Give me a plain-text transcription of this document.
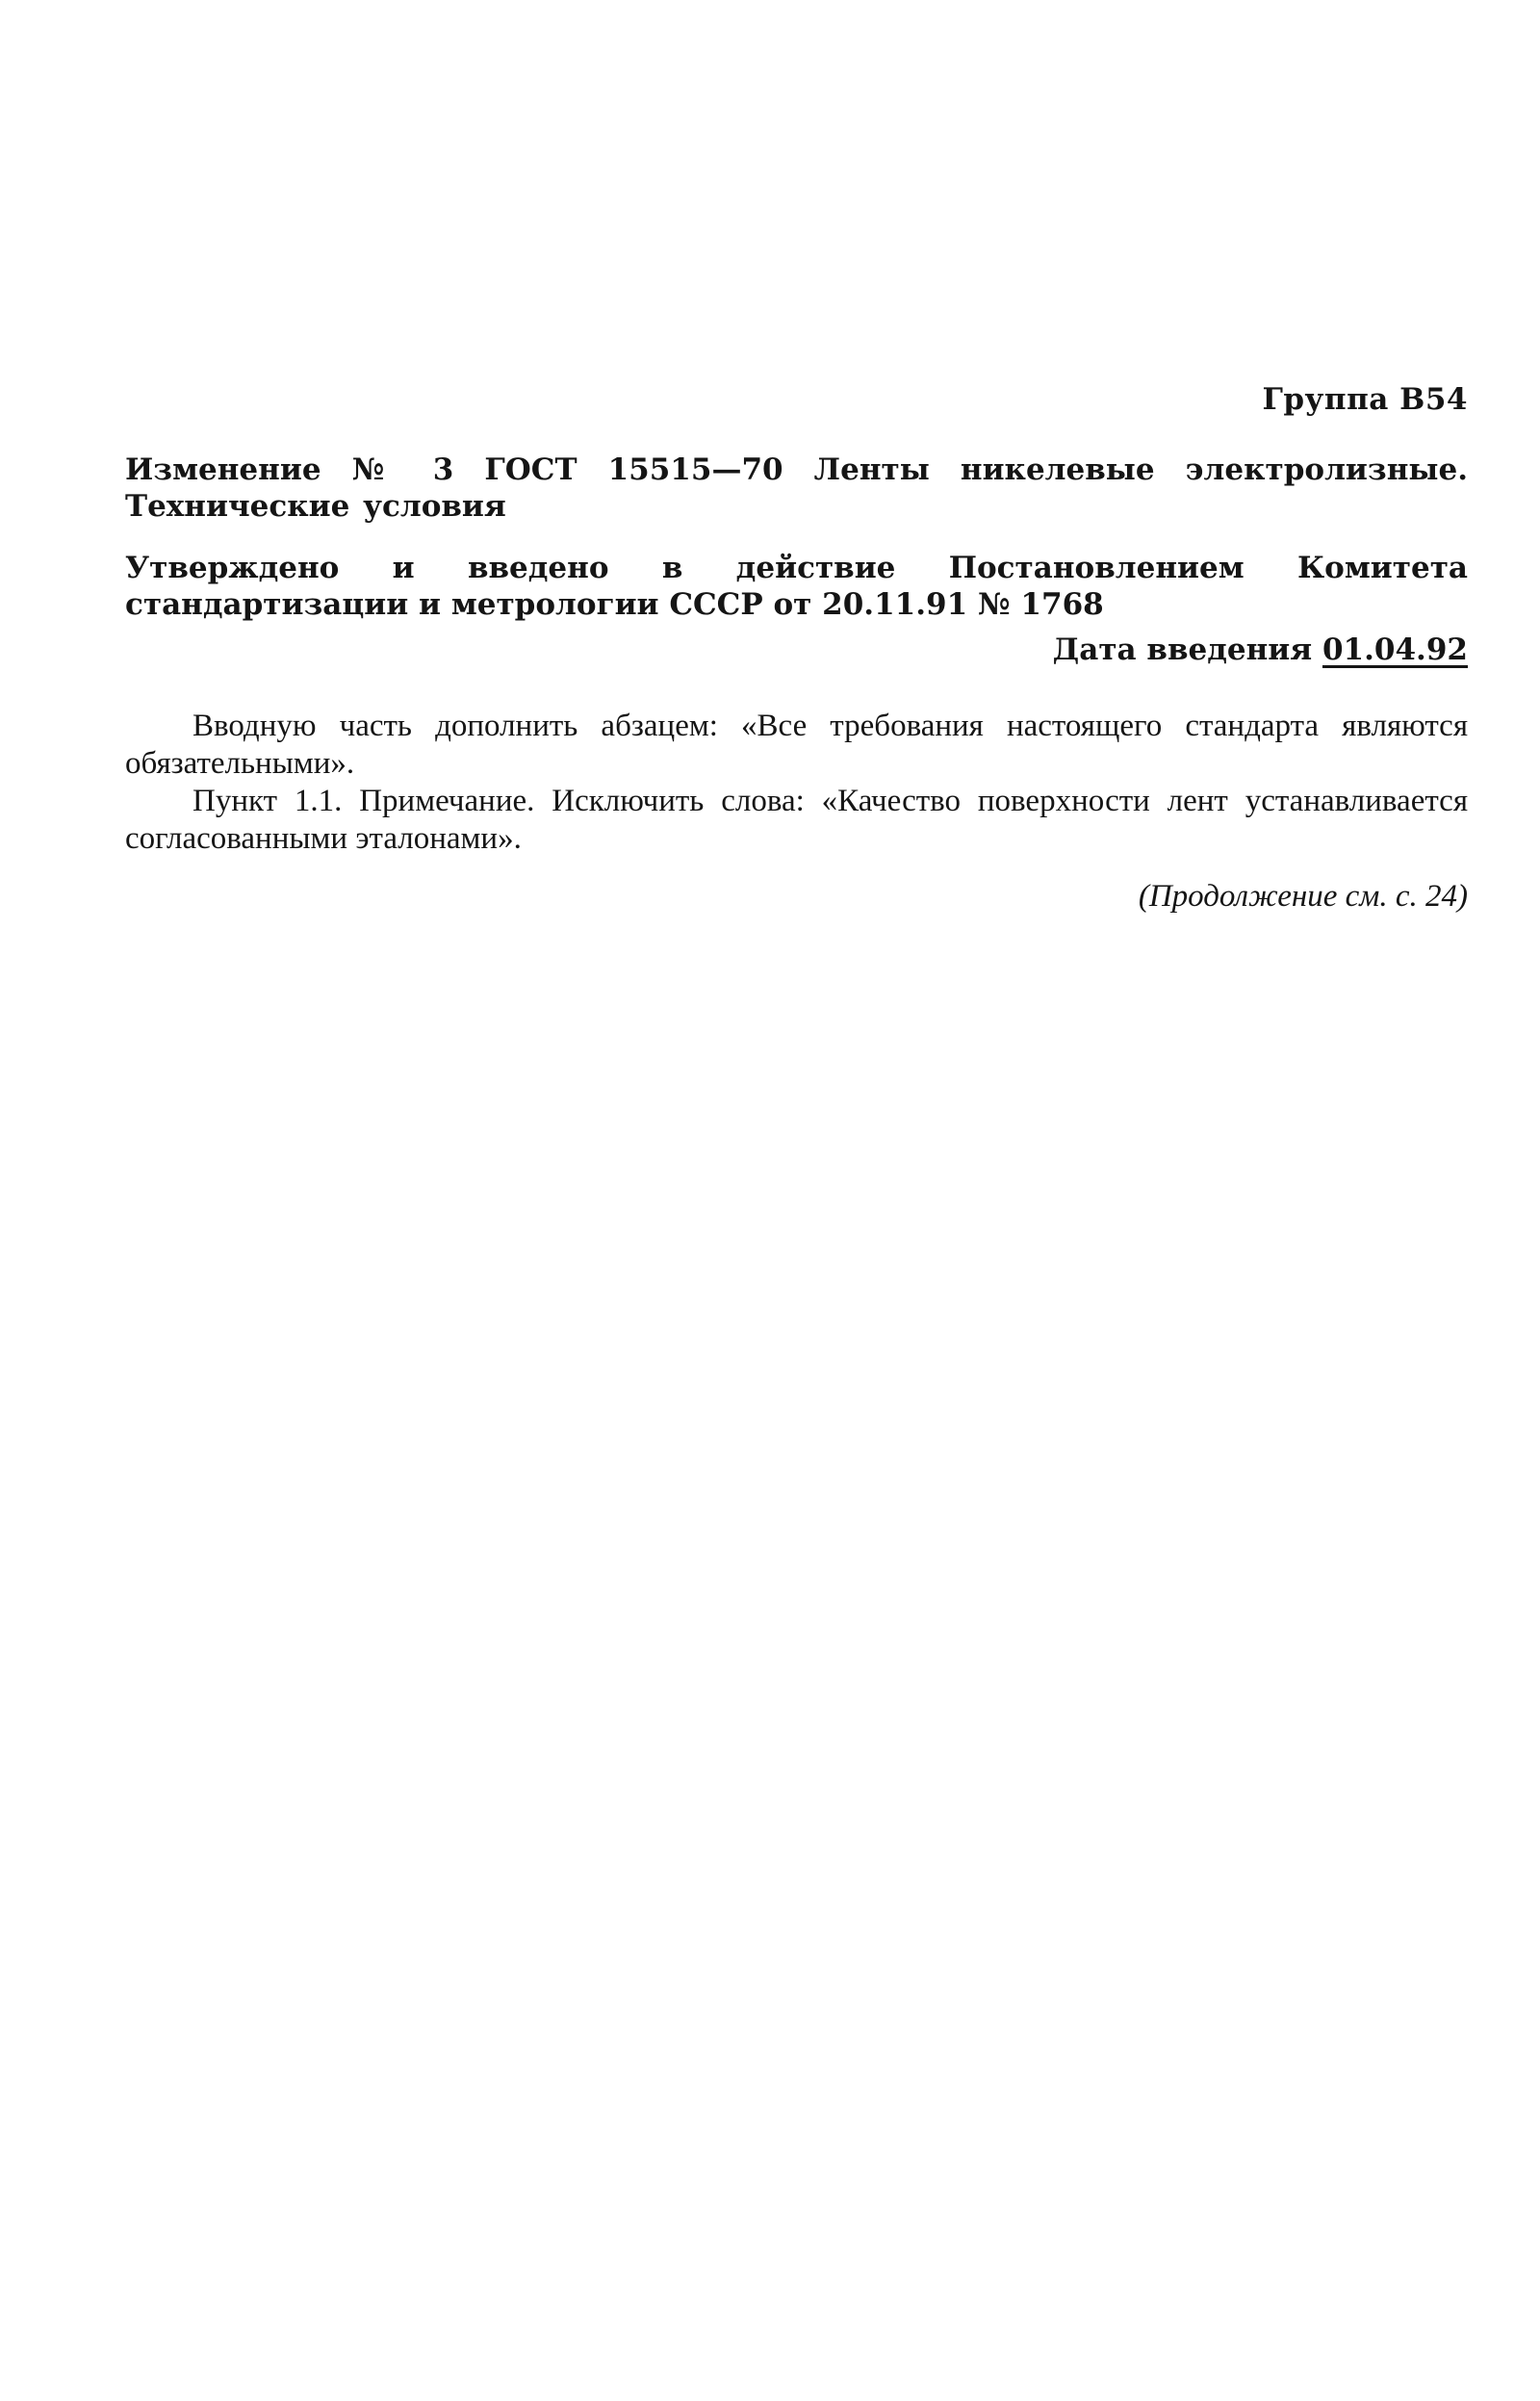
Группа В54
Изменение № 3 ГОСТ 15515—70 Ленты никелевые электролизные. Технические условия
Утверждено и введено в действие Постановлением Комитета стандартизации и метрологии СССР от 20.11.91 № 1768
Дата введения 01.04.92

Вводную часть дополнить абзацем: «Все требования настоящего стандарта являются обязательными».

Пункт 1.1. Примечание. Исключить слова: «Качество поверхности лент устанавливается согласованными эталонами».

(Продолжение см. с. 24)
